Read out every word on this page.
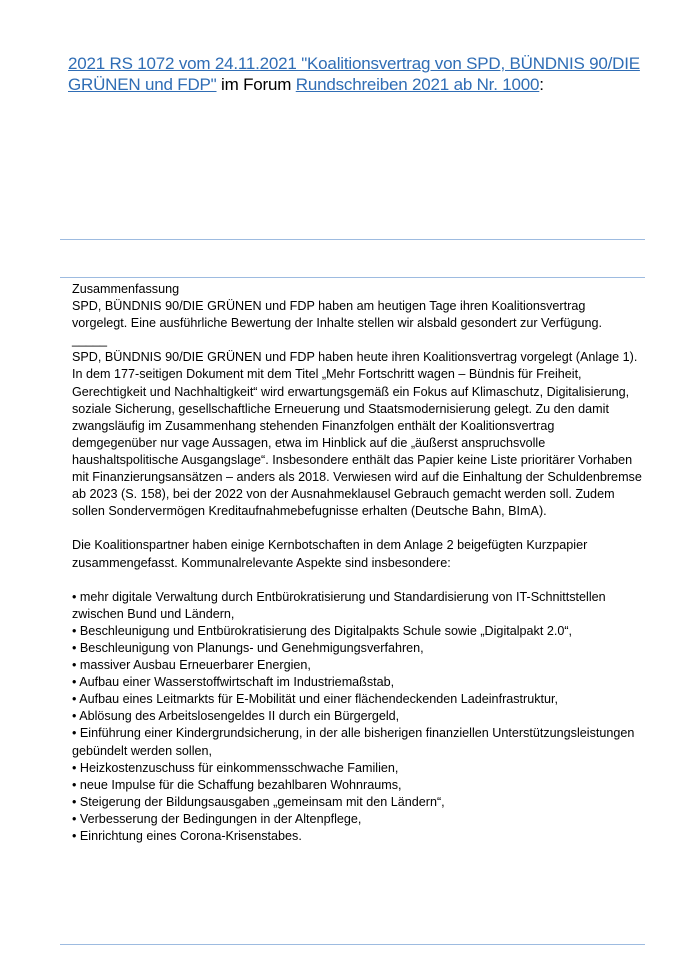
2021 RS 1072 vom 24.11.2021 "Koalitionsvertrag von SPD, BÜNDNIS 90/DIE GRÜNEN und FDP" im Forum Rundschreiben 2021 ab Nr. 1000:

Zusammenfassung

SPD, BÜNDNIS 90/DIE GRÜNEN und FDP haben am heutigen Tage ihren Koalitionsvertrag vorgelegt. Eine ausführliche Bewertung der Inhalte stellen wir alsbald gesondert zur Verfügung.

_____

SPD, BÜNDNIS 90/DIE GRÜNEN und FDP haben heute ihren Koalitionsvertrag vorgelegt (Anlage 1). In dem 177-seitigen Dokument mit dem Titel „Mehr Fortschritt wagen – Bündnis für Freiheit, Gerechtigkeit und Nachhaltigkeit“ wird erwartungsgemäß ein Fokus auf Klimaschutz, Digitalisierung, soziale Sicherung, gesellschaftliche Erneuerung und Staatsmodernisierung gelegt. Zu den damit zwangsläufig im Zusammenhang stehenden Finanzfolgen enthält der Koalitionsvertrag demgegenüber nur vage Aussagen, etwa im Hinblick auf die „äußerst anspruchsvolle haushaltspolitische Ausgangslage“. Insbesondere enthält das Papier keine Liste prioritärer Vorhaben mit Finanzierungsansätzen – anders als 2018. Verwiesen wird auf die Einhaltung der Schuldenbremse ab 2023 (S. 158), bei der 2022 von der Ausnahmeklausel Gebrauch gemacht werden soll. Zudem sollen Sondervermögen Kreditaufnahmebefugnisse erhalten (Deutsche Bahn, BImA).

Die Koalitionspartner haben einige Kernbotschaften in dem Anlage 2 beigefügten Kurzpapier zusammengefasst. Kommunalrelevante Aspekte sind insbesondere:

• mehr digitale Verwaltung durch Entbürokratisierung und Standardisierung von IT-Schnittstellen zwischen Bund und Ländern,
• Beschleunigung und Entbürokratisierung des Digitalpakts Schule sowie „Digitalpakt 2.0“,
• Beschleunigung von Planungs- und Genehmigungsverfahren,
• massiver Ausbau Erneuerbarer Energien,
• Aufbau einer Wasserstoffwirtschaft im Industriemaßstab,
• Aufbau eines Leitmarkts für E-Mobilität und einer flächendeckenden Ladeinfrastruktur,
• Ablösung des Arbeitslosengeldes II durch ein Bürgergeld,
• Einführung einer Kindergrundsicherung, in der alle bisherigen finanziellen Unterstützungsleistungen gebündelt werden sollen,
• Heizkostenzuschuss für einkommensschwache Familien,
• neue Impulse für die Schaffung bezahlbaren Wohnraums,
• Steigerung der Bildungsausgaben „gemeinsam mit den Ländern“,
• Verbesserung der Bedingungen in der Altenpflege,
• Einrichtung eines Corona-Krisenstabes.
